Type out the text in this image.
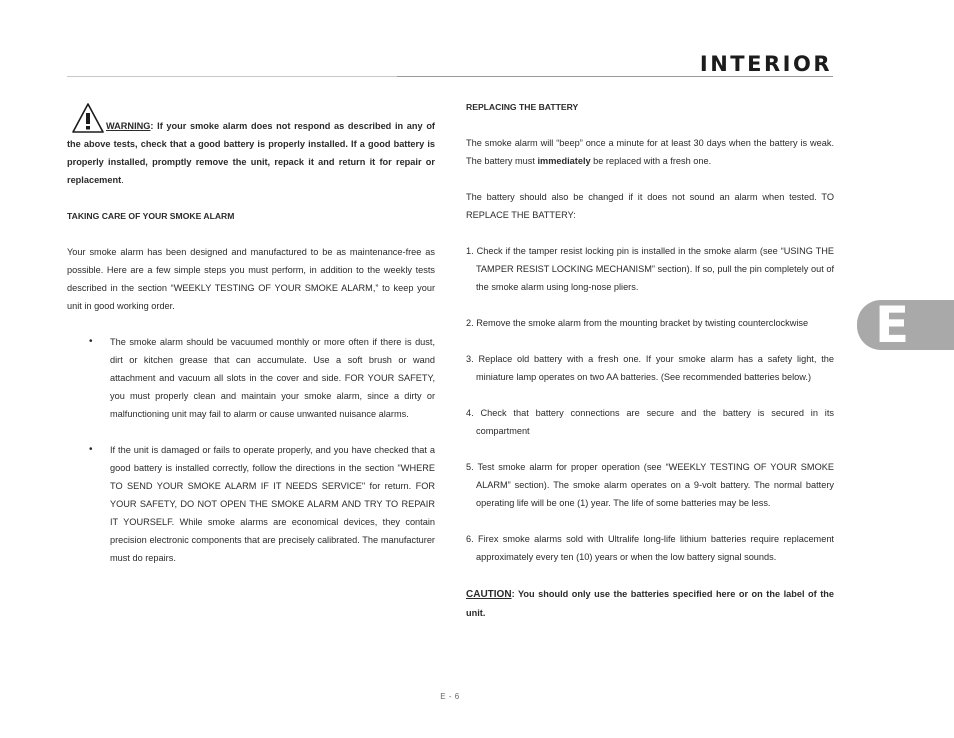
INTERIOR

WARNING: If your smoke alarm does not respond as described in any of the above tests, check that a good battery is properly installed. If a good battery is properly installed, promptly remove the unit, repack it and return it for repair or replacement.

TAKING CARE OF YOUR SMOKE ALARM

Your smoke alarm has been designed and manufactured to be as maintenance-free as possible. Here are a few simple steps you must perform, in addition to the weekly tests described in the section “WEEKLY TESTING OF YOUR SMOKE ALARM,” to keep your unit in good working order.

• The smoke alarm should be vacuumed monthly or more often if there is dust, dirt or kitchen grease that can accumulate. Use a soft brush or wand attachment and vacuum all slots in the cover and side. FOR YOUR SAFETY, you must properly clean and maintain your smoke alarm, since a dirty or malfunctioning unit may fail to alarm or cause unwanted nuisance alarms.

• If the unit is damaged or fails to operate properly, and you have checked that a good battery is installed correctly, follow the directions in the section "WHERE TO SEND YOUR SMOKE ALARM IF IT NEEDS SERVICE" for return. FOR YOUR SAFETY, DO NOT OPEN THE SMOKE ALARM AND TRY TO REPAIR IT YOURSELF. While smoke alarms are economical devices, they contain precision electronic components that are precisely calibrated. The manufacturer must do repairs.

REPLACING THE BATTERY

The smoke alarm will “beep” once a minute for at least 30 days when the battery is weak. The battery must immediately be replaced with a fresh one.

The battery should also be changed if it does not sound an alarm when tested. TO REPLACE THE BATTERY:

1. Check if the tamper resist locking pin is installed in the smoke alarm (see “USING THE TAMPER RESIST LOCKING MECHANISM” section). If so, pull the pin completely out of the smoke alarm using long-nose pliers.

2. Remove the smoke alarm from the mounting bracket by twisting counterclockwise

3. Replace old battery with a fresh one. If your smoke alarm has a safety light, the miniature lamp operates on two AA batteries. (See recommended batteries below.)

4. Check that battery connections are secure and the battery is secured in its compartment

5. Test smoke alarm for proper operation (see “WEEKLY TESTING OF YOUR SMOKE ALARM” section). The smoke alarm operates on a 9-volt battery. The normal battery operating life will be one (1) year. The life of some batteries may be less.

6. Firex smoke alarms sold with Ultralife long-life lithium batteries require replacement approximately every ten (10) years or when the low battery signal sounds.

CAUTION: You should only use the batteries specified here or on the label of the unit.

E
E - 6
